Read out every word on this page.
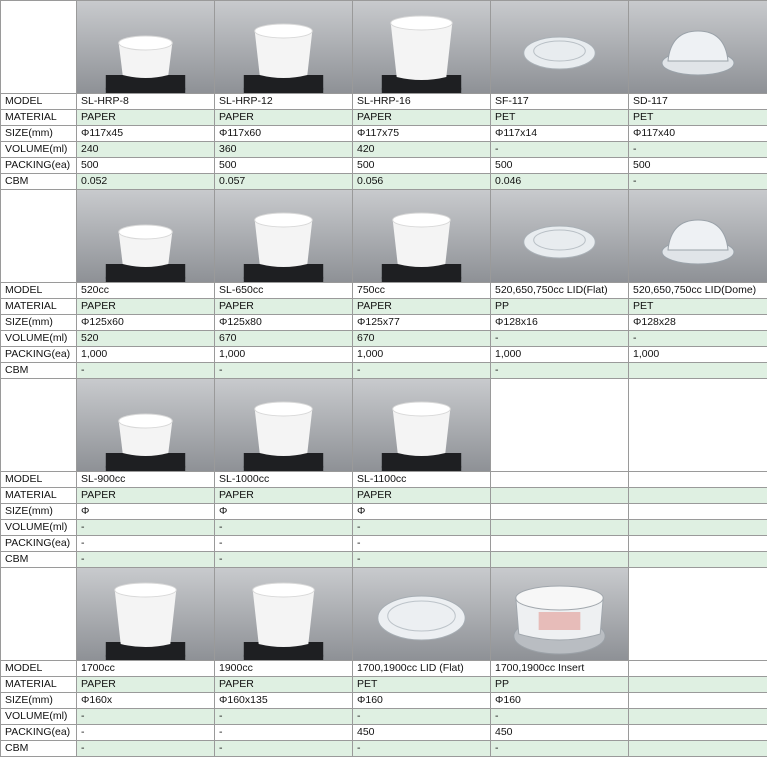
MODEL	SL-HRP-8	SL-HRP-12	SL-HRP-16	SF-117	SD-117
MATERIAL	PAPER	PAPER	PAPER	PET	PET
SIZE(mm)	Φ117x45	Φ117x60	Φ117x75	Φ117x14	Φ117x40
VOLUME(ml)	240	360	420	-	-
PACKING(ea)	500	500	500	500	500
CBM	0.052	0.057	0.056	0.046	-

MODEL	520cc	SL-650cc	750cc	520,650,750cc LID(Flat)	520,650,750cc LID(Dome)
MATERIAL	PAPER	PAPER	PAPER	PP	PET
SIZE(mm)	Φ125x60	Φ125x80	Φ125x77	Φ128x16	Φ128x28
VOLUME(ml)	520	670	670	-	-
PACKING(ea)	1,000	1,000	1,000	1,000	1,000
CBM	-	-	-	-	

MODEL	SL-900cc	SL-1000cc	SL-1100cc		
MATERIAL	PAPER	PAPER	PAPER		
SIZE(mm)	Φ	Φ	Φ		
VOLUME(ml)	-	-	-		
PACKING(ea)	-	-	-		
CBM	-	-	-		

MODEL	1700cc	1900cc	1700,1900cc LID (Flat)	1700,1900cc Insert	
MATERIAL	PAPER	PAPER	PET	PP	
SIZE(mm)	Φ160x	Φ160x135	Φ160	Φ160	
VOLUME(ml)	-	-	-	-	
PACKING(ea)	-	-	450	450	
CBM	-	-	-	-	
